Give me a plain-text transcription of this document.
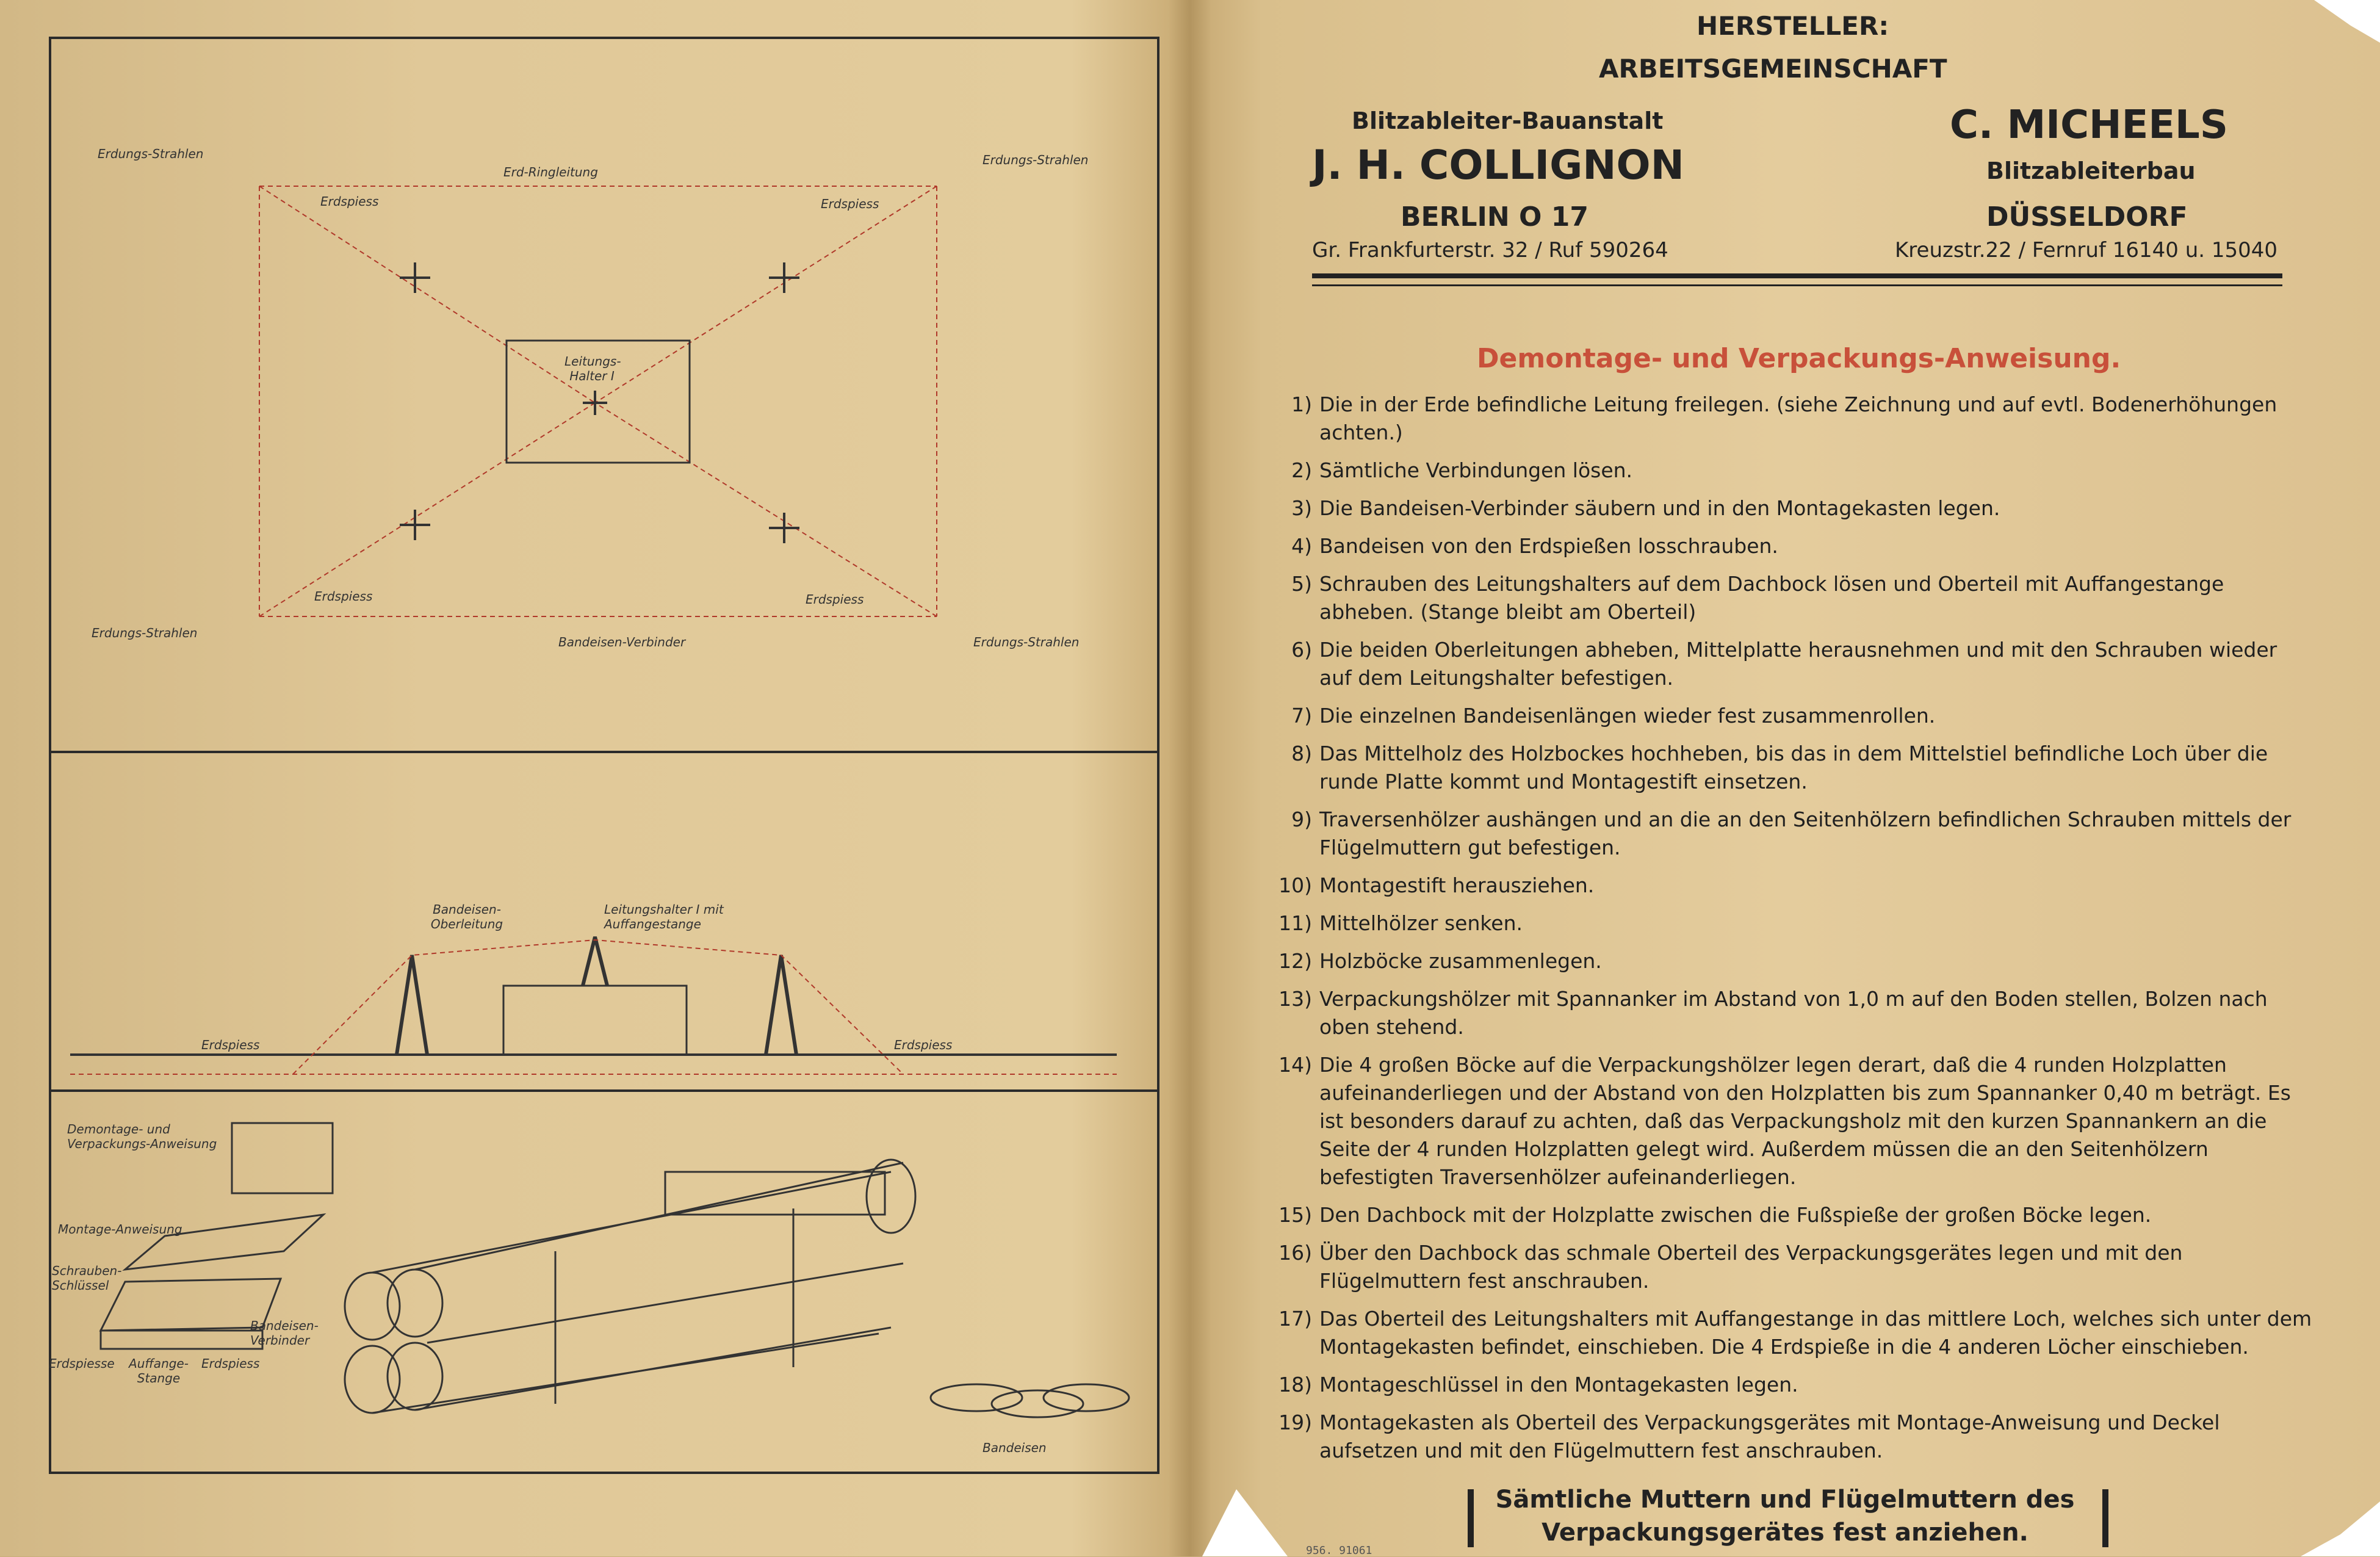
Erdungs-Strahlen	Erdungs-Strahlen
Erdungs-Strahlen
Erdungs-Strahlen
Erd-Ringleitung
Erdspiess	Erdspiess
Erdspiess	Erdspiess
Leitungs-Halter I
Bandeisen-Verbinder
Bandeisen-Oberleitung
Leitungshalter I mit Auffangestange
Erdspiess	Erdspiess
Demontage- und Verpackungs-Anweisung
Montage-Anweisung
Schrauben-Schlüssel
Bandeisen-Verbinder
Erdspiesse	Auffange-Stange
Erdspiess
Bandeisen
HERSTELLER:
ARBEITSGEMEINSCHAFT
Blitzableiter-Bauanstalt
J. H. COLLIGNON
BERLIN O 17
Gr. Frankfurterstr. 32 / Ruf 590264
C. MICHEELS
Blitzableiterbau
DÜSSELDORF
Kreuzstr.22 / Fernruf 16140 u. 15040
Demontage- und Verpackungs-Anweisung.
1) Die in der Erde befindliche Leitung freilegen. (siehe Zeichnung und auf evtl. Bodenerhöhungen achten.)
2) Sämtliche Verbindungen lösen.
3) Die Bandeisen-Verbinder säubern und in den Montagekasten legen.
4) Bandeisen von den Erdspießen losschrauben.
5) Schrauben des Leitungshalters auf dem Dachbock lösen und Oberteil mit Auffangestange abheben. (Stange bleibt am Oberteil)
6) Die beiden Oberleitungen abheben, Mittelplatte herausnehmen und mit den Schrauben wieder auf dem Leitungshalter befestigen.
7) Die einzelnen Bandeisenlängen wieder fest zusammenrollen.
8) Das Mittelholz des Holzbockes hochheben, bis das in dem Mittelstiel befindliche Loch über die runde Platte kommt und Montagestift einsetzen.
9) Traversenhölzer aushängen und an die an den Seitenhölzern befindlichen Schrauben mittels der Flügelmuttern gut befestigen.
10) Montagestift herausziehen.
11) Mittelhölzer senken.
12) Holzböcke zusammenlegen.
13) Verpackungshölzer mit Spannanker im Abstand von 1,0 m auf den Boden stellen, Bolzen nach oben stehend.
14) Die 4 großen Böcke auf die Verpackungshölzer legen derart, daß die 4 runden Holzplatten aufeinanderliegen und der Abstand von den Holzplatten bis zum Spannanker 0,40 m beträgt. Es ist besonders darauf zu achten, daß das Verpackungsholz mit den kurzen Spannankern an die Seite der 4 runden Holzplatten gelegt wird. Außerdem müssen die an den Seitenhölzern befestigten Traversenhölzer aufeinanderliegen.
15) Den Dachbock mit der Holzplatte zwischen die Fußspieße der großen Böcke legen.
16) Über den Dachbock das schmale Oberteil des Verpackungsgerätes legen und mit den Flügelmuttern fest anschrauben.
17) Das Oberteil des Leitungshalters mit Auffangestange in das mittlere Loch, welches sich unter dem Montagekasten befindet, einschieben. Die 4 Erdspieße in die 4 anderen Löcher einschieben.
18) Montageschlüssel in den Montagekasten legen.
19) Montagekasten als Oberteil des Verpackungsgerätes mit Montage-Anweisung und Deckel aufsetzen und mit den Flügelmuttern fest anschrauben.
Sämtliche Muttern und Flügelmuttern des
Verpackungsgerätes fest anziehen.
956. 91061
